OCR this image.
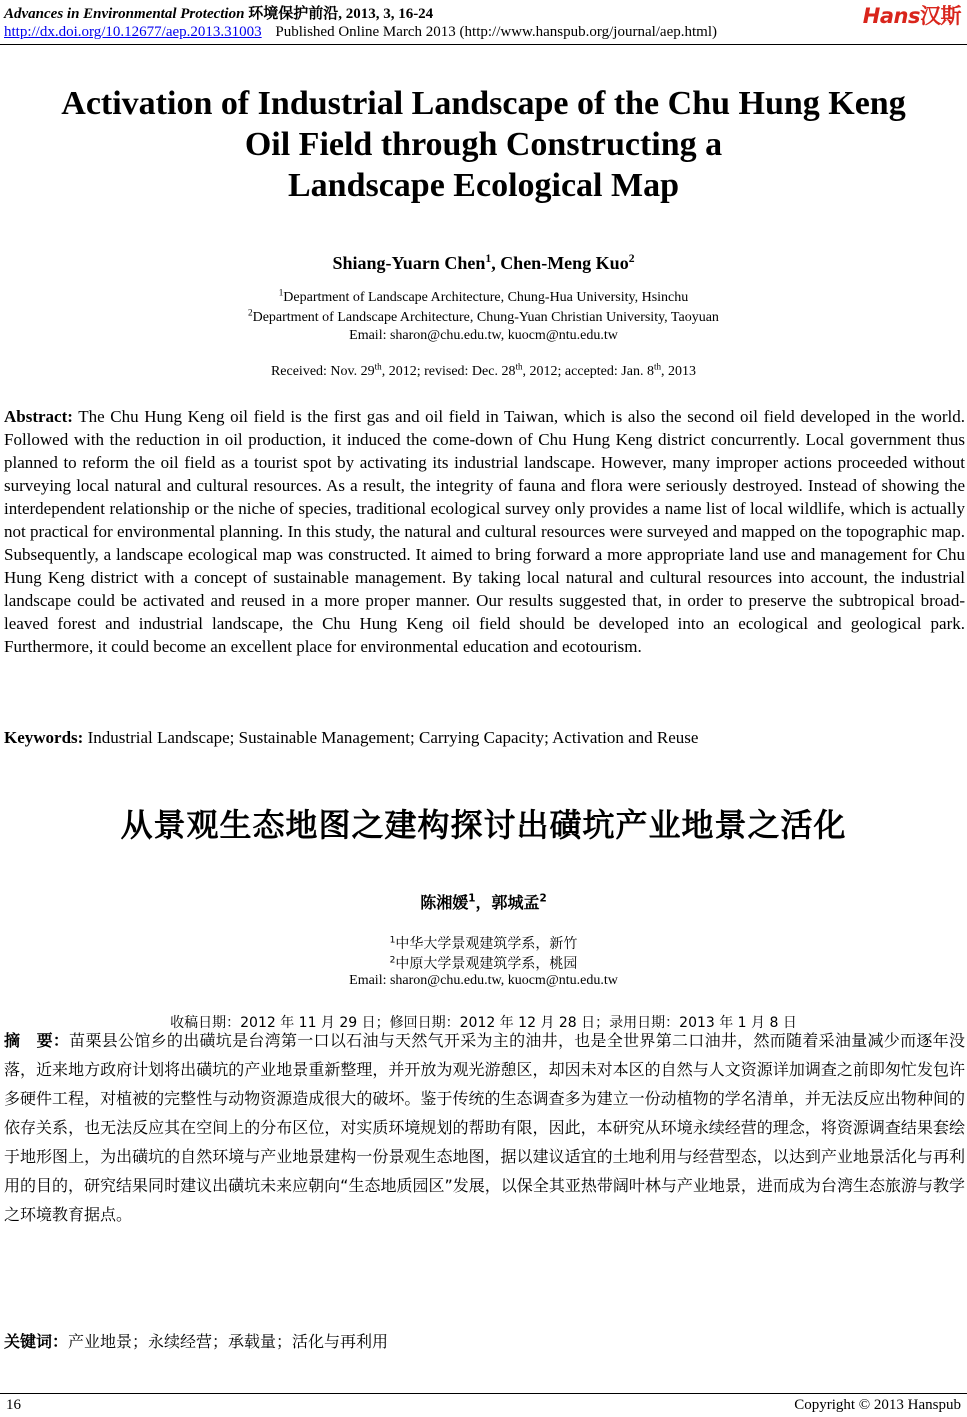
Advances in Environmental Protection 环境保护前沿, 2013, 3, 16-24	Hans汉斯
http://dx.doi.org/10.12677/aep.2013.31003 Published Online March 2013 (http://www.hanspub.org/journal/aep.html)
Activation of Industrial Landscape of the Chu Hung Keng
Oil Field through Constructing a
Landscape Ecological Map
Shiang-Yuarn Chen$^1$, Chen-Meng Kuo$^2$
$^1$Department of Landscape Architecture, Chung-Hua University, Hsinchu
$^2$Department of Landscape Architecture, Chung-Yuan Christian University, Taoyuan
Email: sharon@chu.edu.tw, kuocm@ntu.edu.tw
Received: Nov. 29th, 2012; revised: Dec. 28th, 2012; accepted: Jan. 8th, 2013
Abstract: The Chu Hung Keng oil field is the first gas and oil field in Taiwan, which is also the second oil field developed in the world. Followed with the reduction in oil production, it induced the come-down of Chu Hung Keng district concurrently. Local government thus planned to reform the oil field as a tourist spot by activating its industrial landscape. However, many improper actions proceeded without surveying local natural and cultural resources. As a result, the integrity of fauna and flora were seriously destroyed. Instead of showing the interdependent relationship or the niche of species, traditional ecological survey only provides a name list of local wildlife, which is actually not practical for environmental planning. In this study, the natural and cultural resources were surveyed and mapped on the topographic map. Subsequently, a landscape ecological map was constructed. It aimed to bring forward a more appropriate land use and management for Chu Hung Keng district with a concept of sustainable management. By taking local natural and cultural resources into account, the industrial landscape could be activated and reused in a more proper manner. Our results suggested that, in order to preserve the subtropical broad-leaved forest and industrial landscape, the Chu Hung Keng oil field should be developed into an ecological and geological park. Furthermore, it could become an excellent place for environmental education and ecotourism.
Keywords: Industrial Landscape; Sustainable Management; Carrying Capacity; Activation and Reuse
从景观生态地图之建构探讨出磺坑产业地景之活化
陈湘媛$^1$，郭城孟$^2$
$^1$中华大学景观建筑学系，新竹
$^2$中原大学景观建筑学系，桃园
Email: sharon@chu.edu.tw, kuocm@ntu.edu.tw
收稿日期：2012 年 11 月 29 日；修回日期：2012 年 12 月 28 日；录用日期：2013 年 1 月 8 日
摘　要：苗栗县公馆乡的出磺坑是台湾第一口以石油与天然气开采为主的油井，也是全世界第二口油井，然而随着采油量减少而逐年没落，近来地方政府计划将出磺坑的产业地景重新整理，并开放为观光游憩区，却因未对本区的自然与人文资源详加调查之前即匆忙发包许多硬件工程，对植被的完整性与动物资源造成很大的破坏。鉴于传统的生态调查多为建立一份动植物的学名清单，并无法反应出物种间的依存关系，也无法反应其在空间上的分布区位，对实质环境规划的帮助有限，因此，本研究从环境永续经营的理念，将资源调查结果套绘于地形图上，为出磺坑的自然环境与产业地景建构一份景观生态地图，据以建议适宜的土地利用与经营型态，以达到产业地景活化与再利用的目的，研究结果同时建议出磺坑未来应朝向“生态地质园区”发展，以保全其亚热带阔叶林与产业地景，进而成为台湾生态旅游与教学之环境教育据点。
关键词：产业地景；永续经营；承载量；活化与再利用
16	Copyright © 2013 Hanspub
